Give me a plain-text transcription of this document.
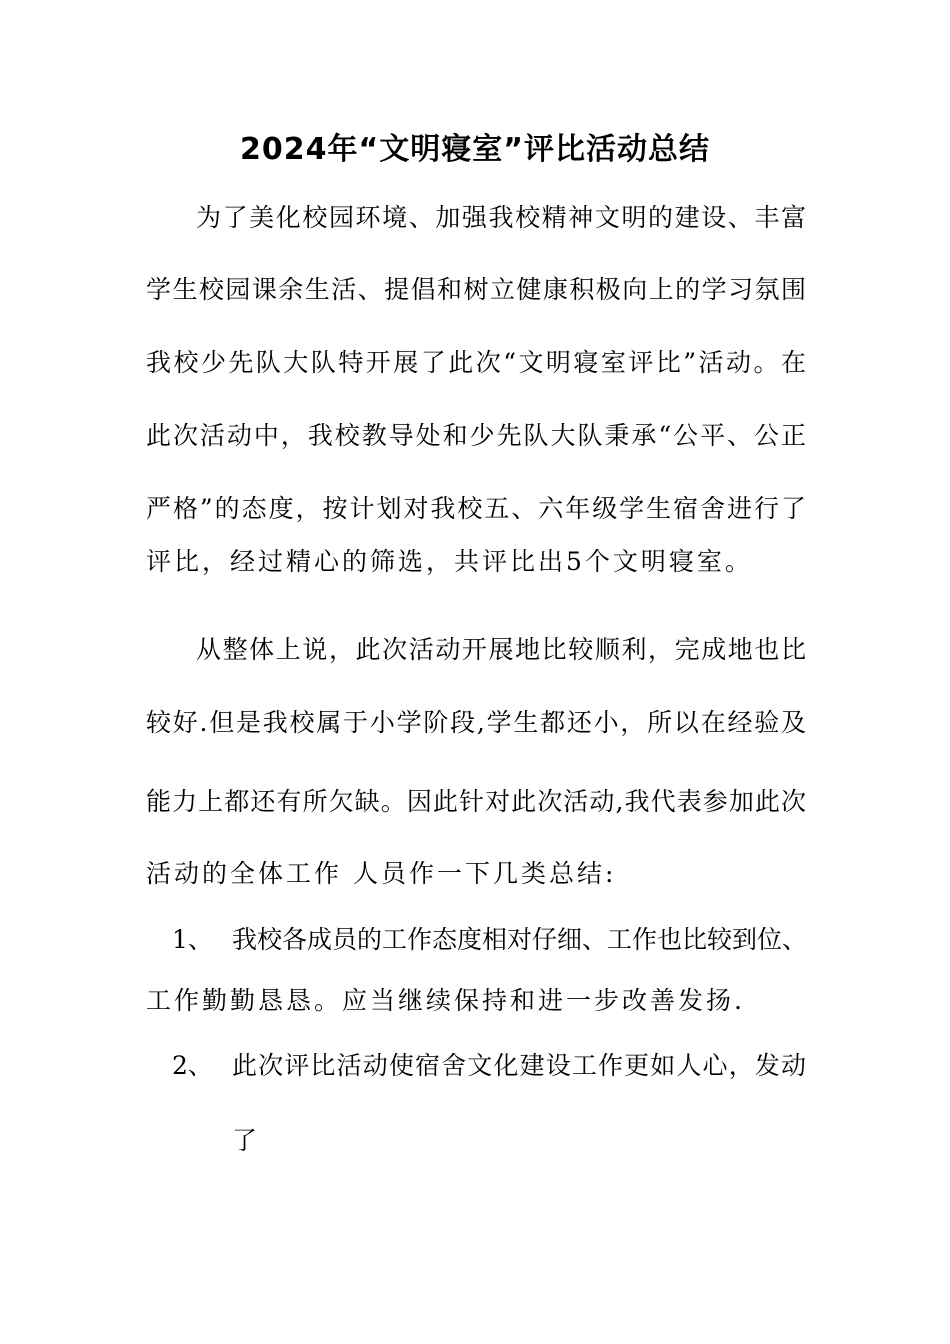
2024年“文明寝室”评比活动总结
为了美化校园环境、加强我校精神文明的建设、丰富
学生校园课余生活、提倡和树立健康积极向上的学习氛围
我校少先队大队特开展了此次“文明寝室评比”活动。在
此次活动中，我校教导处和少先队大队秉承“公平、公正
严格”的态度，按计划对我校五、六年级学生宿舍进行了
评比，经过精心的筛选，共评比出5个文明寝室。
从整体上说，此次活动开展地比较顺利，完成地也比
较好.但是我校属于小学阶段,学生都还小，所以在经验及
能力上都还有所欠缺。因此针对此次活动,我代表参加此次
活动的全体工作 人员作一下几类总结:
1、 我校各成员的工作态度相对仔细、工作也比较到位、
工作勤勤恳恳。应当继续保持和进一步改善发扬.
2、 此次评比活动使宿舍文化建设工作更如人心，发动
了
